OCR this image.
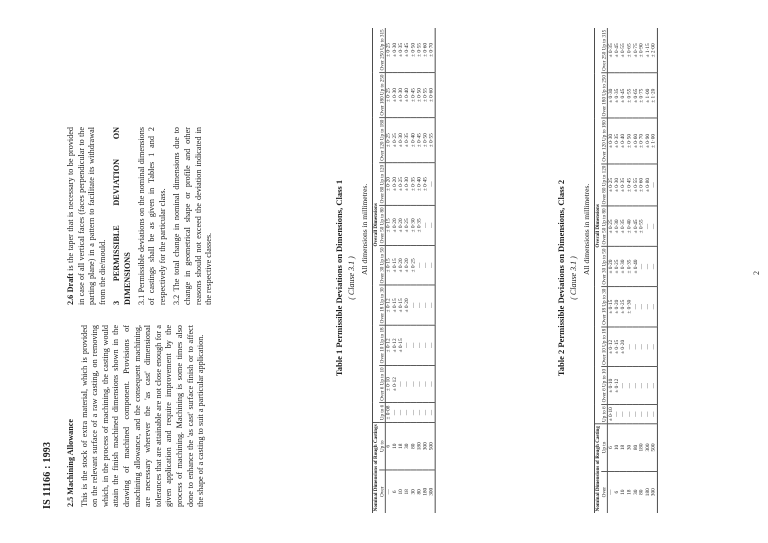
IS 11166 : 1993 2.5 Machining Allowance This is the stock of extra material, which is provided on the relevant surface of a raw casting, on removing which, in the process of machining, the casting would attain the finish machined dimensions shown in the drawing of machined component. Provisions of machining allowance, and the consequent machining, are necessary wherever the 'as cast' dimensional tolerances that are attainable are not close enough for a given application and require improvement by the process of machining. Machining is some times also done to enhance the 'as cast' surface finish or to affect the shape of a casting to suit a particular application.

2.6 Draft is the taper that is necessary to be provided in case of all vertical faces (faces perpendicular to the parting plane) in a pattern to facilitate its withdrawal from the die/mould. 3 PERMISSIBLE DEVIATION ON DIMENSIONS 3.1 Permissible deviations on the nominal dimensions of castings shall be as given in Tables 1 and 2 respectively for the particular class. 3.2 The total change in nominal dimensions due to change in geometrical shape or profile and other reasons should not exceed the deviation indicated in the respective classes.	Table 1 Permissible Deviations on Dimensions, Class 1 ( Clause 3.1 )
All dimensions in millimetres.
Nominal Dimensions of Rough Castings		Overall Dimensions									
Over	Up to	Up to 6	Over 6 Up to 10	Over 10 Up to 18	Over 18 Up to 30	Over 30 Up to 50	Over 50 Up to 80	Over 80 Up to 120	Over 120 Up to 180	Over 180 Up to 250	Over 250 Up to 315
—	6	± 0·08	± 0·10	± 0·12	± 0·12	± 0·15	± 0·15	± 0·20	± 0·25	± 0·25	± 0·25
6	10	—	± 0·12	± 0·12	± 0·15	± 0·15	± 0·20	± 0·20	± 0·25	± 0·30	± 0·30
10	18	—	—	± 0·15	± 0·15	± 0·20	± 0·20	± 0·25	± 0·30	± 0·30	± 0·35
18	30	—	—	—	± 0·20	± 0·20	± 0·25	± 0·30	± 0·35	± 0·40	± 0·45
30	80	—	—	—	—	± 0·25	± 0·30	± 0·35	± 0·40	± 0·45	± 0·50
80	180	—	—	—	—	—	± 0·35	± 0·40	± 0·45	± 0·50	± 0·55
180	300	—	—	—	—	—	—	± 0·45	± 0·50	± 0·55	± 0·60
300	500	—	—	—	—	—	—	—	± 0·55	± 0·60	± 0·70
Table 2 Permissible Deviations on Dimensions, Class 2 ( Clause 3.1 )
All dimensions in millimetres.
Nominal Dimensions of Rough Casting		Overall Dimensions									
Over	Up to	Up to 6	Over 6 Up to 10	Over 10 Up to 18	Over 18 Up to 30	Over 30 Up to 50	Over 50 Up to 80	Over 80 Up to 120	Over 120 Up to 180	Over 180 Up to 250	Over 250 Up to 315
—	6	± 0·10	± 0·10	± 0·12	± 0·15	± 0·20	± 0·25	± 0·25	± 0·30	± 0·30	± 0·35
6	10	—	± 0·12	± 0·15	± 0·20	± 0·25	± 0·30	± 0·30	± 0·35	± 0·35	± 0·45
10	18	—	—	± 0·20	± 0·25	± 0·30	± 0·35	± 0·35	± 0·40	± 0·45	± 0·55
18	30	—	—	—	± 0·30	± 0·35	± 0·40	± 0·45	± 0·50	± 0·55	± 0·65
30	80	—	—	—	—	± 0·40	± 0·45	± 0·55	± 0·60	± 0·65	± 0·75
80	180	—	—	—	—	—	± 0·55	± 0·60	± 0·70	± 0·75	± 0·90
180	300	—	—	—	—	—	—	± 0·80	± 0·90	± 1·00	± 1·15
300	500	—	—	—	—	—	—	—	± 1·00	± 1·20	± 2·00
2
